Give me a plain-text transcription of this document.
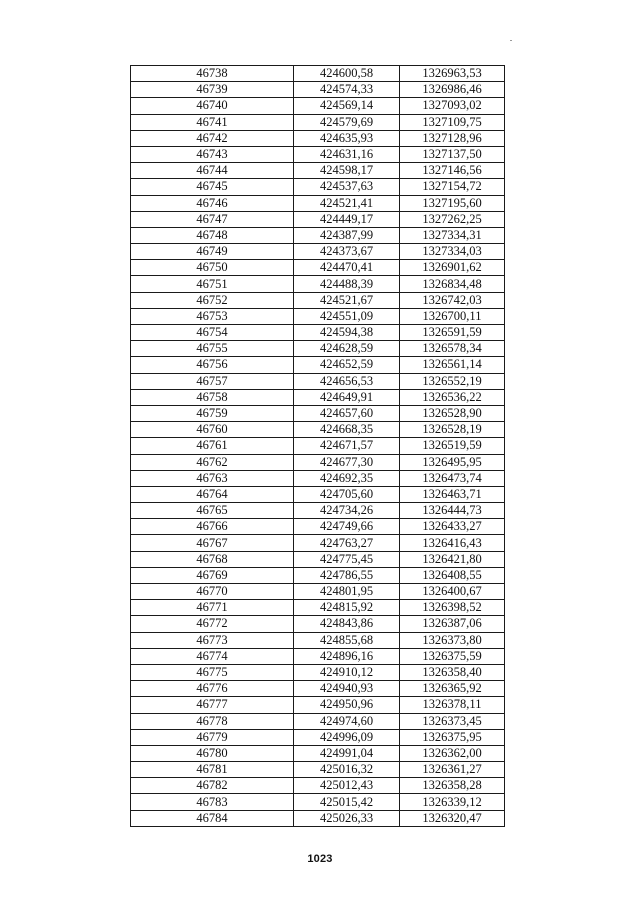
46738	424600,58	1326963,53
46739	424574,33	1326986,46
46740	424569,14	1327093,02
46741	424579,69	1327109,75
46742	424635,93	1327128,96
46743	424631,16	1327137,50
46744	424598,17	1327146,56
46745	424537,63	1327154,72
46746	424521,41	1327195,60
46747	424449,17	1327262,25
46748	424387,99	1327334,31
46749	424373,67	1327334,03
46750	424470,41	1326901,62
46751	424488,39	1326834,48
46752	424521,67	1326742,03
46753	424551,09	1326700,11
46754	424594,38	1326591,59
46755	424628,59	1326578,34
46756	424652,59	1326561,14
46757	424656,53	1326552,19
46758	424649,91	1326536,22
46759	424657,60	1326528,90
46760	424668,35	1326528,19
46761	424671,57	1326519,59
46762	424677,30	1326495,95
46763	424692,35	1326473,74
46764	424705,60	1326463,71
46765	424734,26	1326444,73
46766	424749,66	1326433,27
46767	424763,27	1326416,43
46768	424775,45	1326421,80
46769	424786,55	1326408,55
46770	424801,95	1326400,67
46771	424815,92	1326398,52
46772	424843,86	1326387,06
46773	424855,68	1326373,80
46774	424896,16	1326375,59
46775	424910,12	1326358,40
46776	424940,93	1326365,92
46777	424950,96	1326378,11
46778	424974,60	1326373,45
46779	424996,09	1326375,95
46780	424991,04	1326362,00
46781	425016,32	1326361,27
46782	425012,43	1326358,28
46783	425015,42	1326339,12
46784	425026,33	1326320,47
1023
